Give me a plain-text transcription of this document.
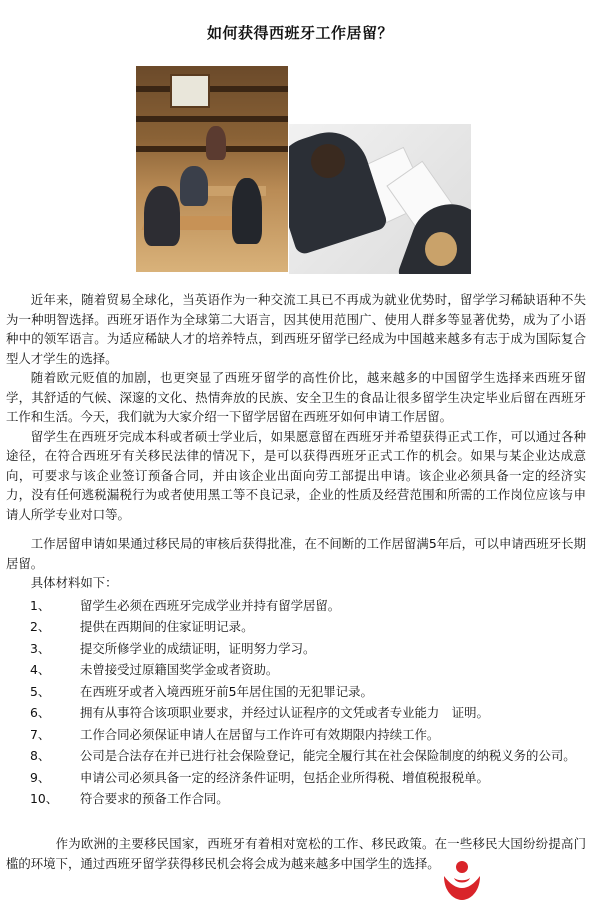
如何获得西班牙工作居留？

近年来，随着贸易全球化，当英语作为一种交流工具已不再成为就业优势时，留学学习稀缺语种不失为一种明智选择。西班牙语作为全球第二大语言，因其使用范围广、使用人群多等显著优势，成为了小语种中的领军语言。为适应稀缺人才的培养特点，到西班牙留学已经成为中国越来越多有志于成为国际复合型人才学生的选择。

随着欧元贬值的加剧，也更突显了西班牙留学的高性价比，越来越多的中国留学生选择来西班牙留学，其舒适的气候、深邃的文化、热情奔放的民族、安全卫生的食品让很多留学生决定毕业后留在西班牙工作和生活。今天，我们就为大家介绍一下留学居留在西班牙如何申请工作居留。

留学生在西班牙完成本科或者硕士学业后，如果愿意留在西班牙并希望获得正式工作，可以通过各种途径，在符合西班牙有关移民法律的情况下，是可以获得西班牙正式工作的机会。如果与某企业达成意向，可要求与该企业签订预备合同，并由该企业出面向劳工部提出申请。该企业必须具备一定的经济实力，没有任何逃税漏税行为或者使用黑工等不良记录，企业的性质及经营范围和所需的工作岗位应该与申请人所学专业对口等。

工作居留申请如果通过移民局的审核后获得批准，在不间断的工作居留满5年后，可以申请西班牙长期居留。

具体材料如下：

1、	留学生必须在西班牙完成学业并持有留学居留。
2、	提供在西期间的住家证明记录。
3、	提交所修学业的成绩证明，证明努力学习。
4、	未曾接受过原籍国奖学金或者资助。
5、	在西班牙或者入境西班牙前5年居住国的无犯罪记录。
6、	拥有从事符合该项职业要求，并经过认证程序的文凭或者专业能力　证明。
7、	工作合同必须保证申请人在居留与工作许可有效期限内持续工作。
8、	公司是合法存在并已进行社会保险登记，能完全履行其在社会保险制度的纳税义务的公司。
9、	申请公司必须具备一定的经济条件证明，包括企业所得税、增值税报税单。
10、	符合要求的预备工作合同。

作为欧洲的主要移民国家，西班牙有着相对宽松的工作、移民政策。在一些移民大国纷纷提高门槛的环境下，通过西班牙留学获得移民机会将会成为越来越多中国学生的选择。
